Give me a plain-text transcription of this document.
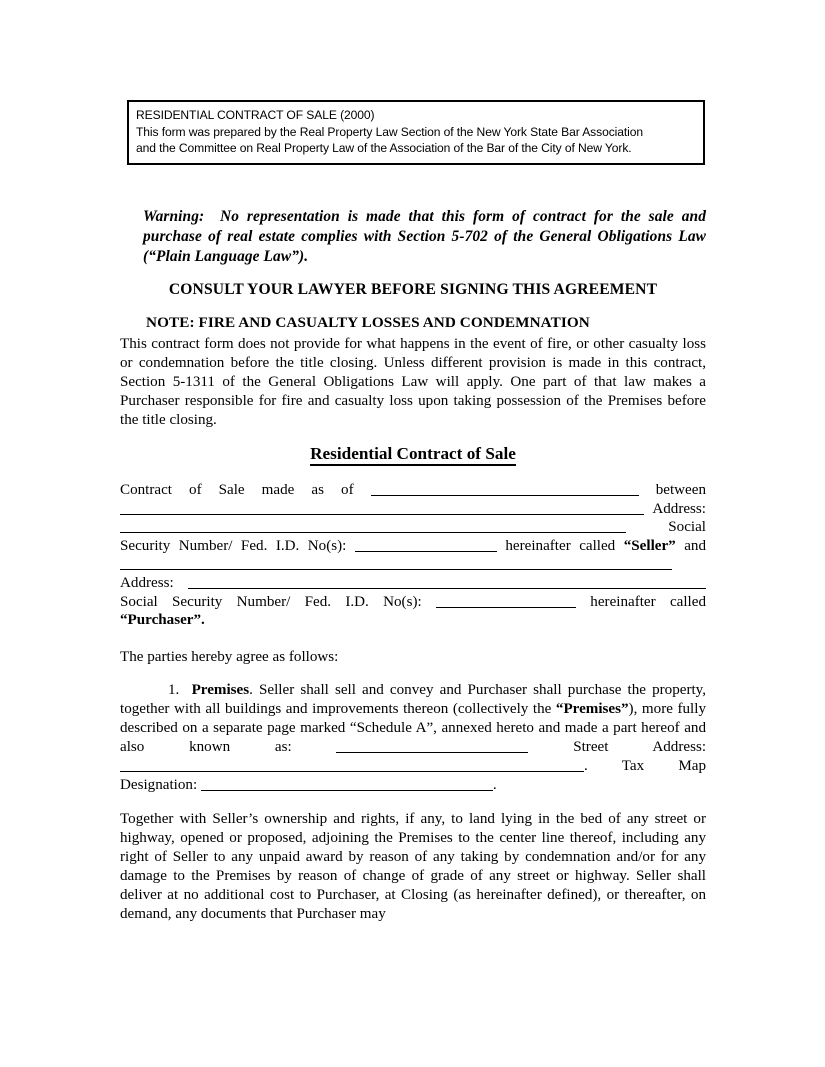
RESIDENTIAL CONTRACT OF SALE (2000)
This form was prepared by the Real Property Law Section of the New York State Bar Association
and the Committee on Real Property Law of the Association of the Bar of the City of New York.
Warning: No representation is made that this form of contract for the sale and purchase of real estate complies with Section 5-702 of the General Obligations Law (“Plain Language Law”).
CONSULT YOUR LAWYER BEFORE SIGNING THIS AGREEMENT
NOTE: FIRE AND CASUALTY LOSSES AND CONDEMNATION
This contract form does not provide for what happens in the event of fire, or other casualty loss or condemnation before the title closing. Unless different provision is made in this contract, Section 5-1311 of the General Obligations Law will apply. One part of that law makes a Purchaser responsible for fire and casualty loss upon taking possession of the Premises before the title closing.
Residential Contract of Sale
Contract of Sale made as of	between  Address:  Social Security Number/ Fed. I.D. No(s):	hereinafter called “Seller” and  Address:  Social Security Number/ Fed. I.D. No(s):	hereinafter called “Purchaser”.
The parties hereby agree as follows:
1. Premises. Seller shall sell and convey and Purchaser shall purchase the property, together with all buildings and improvements thereon (collectively the “Premises”), more fully described on a separate page marked “Schedule A”, annexed hereto and made a part hereof and also known as:	Street Address: . Tax Map Designation:	.
Together with Seller’s ownership and rights, if any, to land lying in the bed of any street or highway, opened or proposed, adjoining the Premises to the center line thereof, including any right of Seller to any unpaid award by reason of any taking by condemnation and/or for any damage to the Premises by reason of change of grade of any street or highway. Seller shall deliver at no additional cost to Purchaser, at Closing (as hereinafter defined), or thereafter, on demand, any documents that Purchaser may
